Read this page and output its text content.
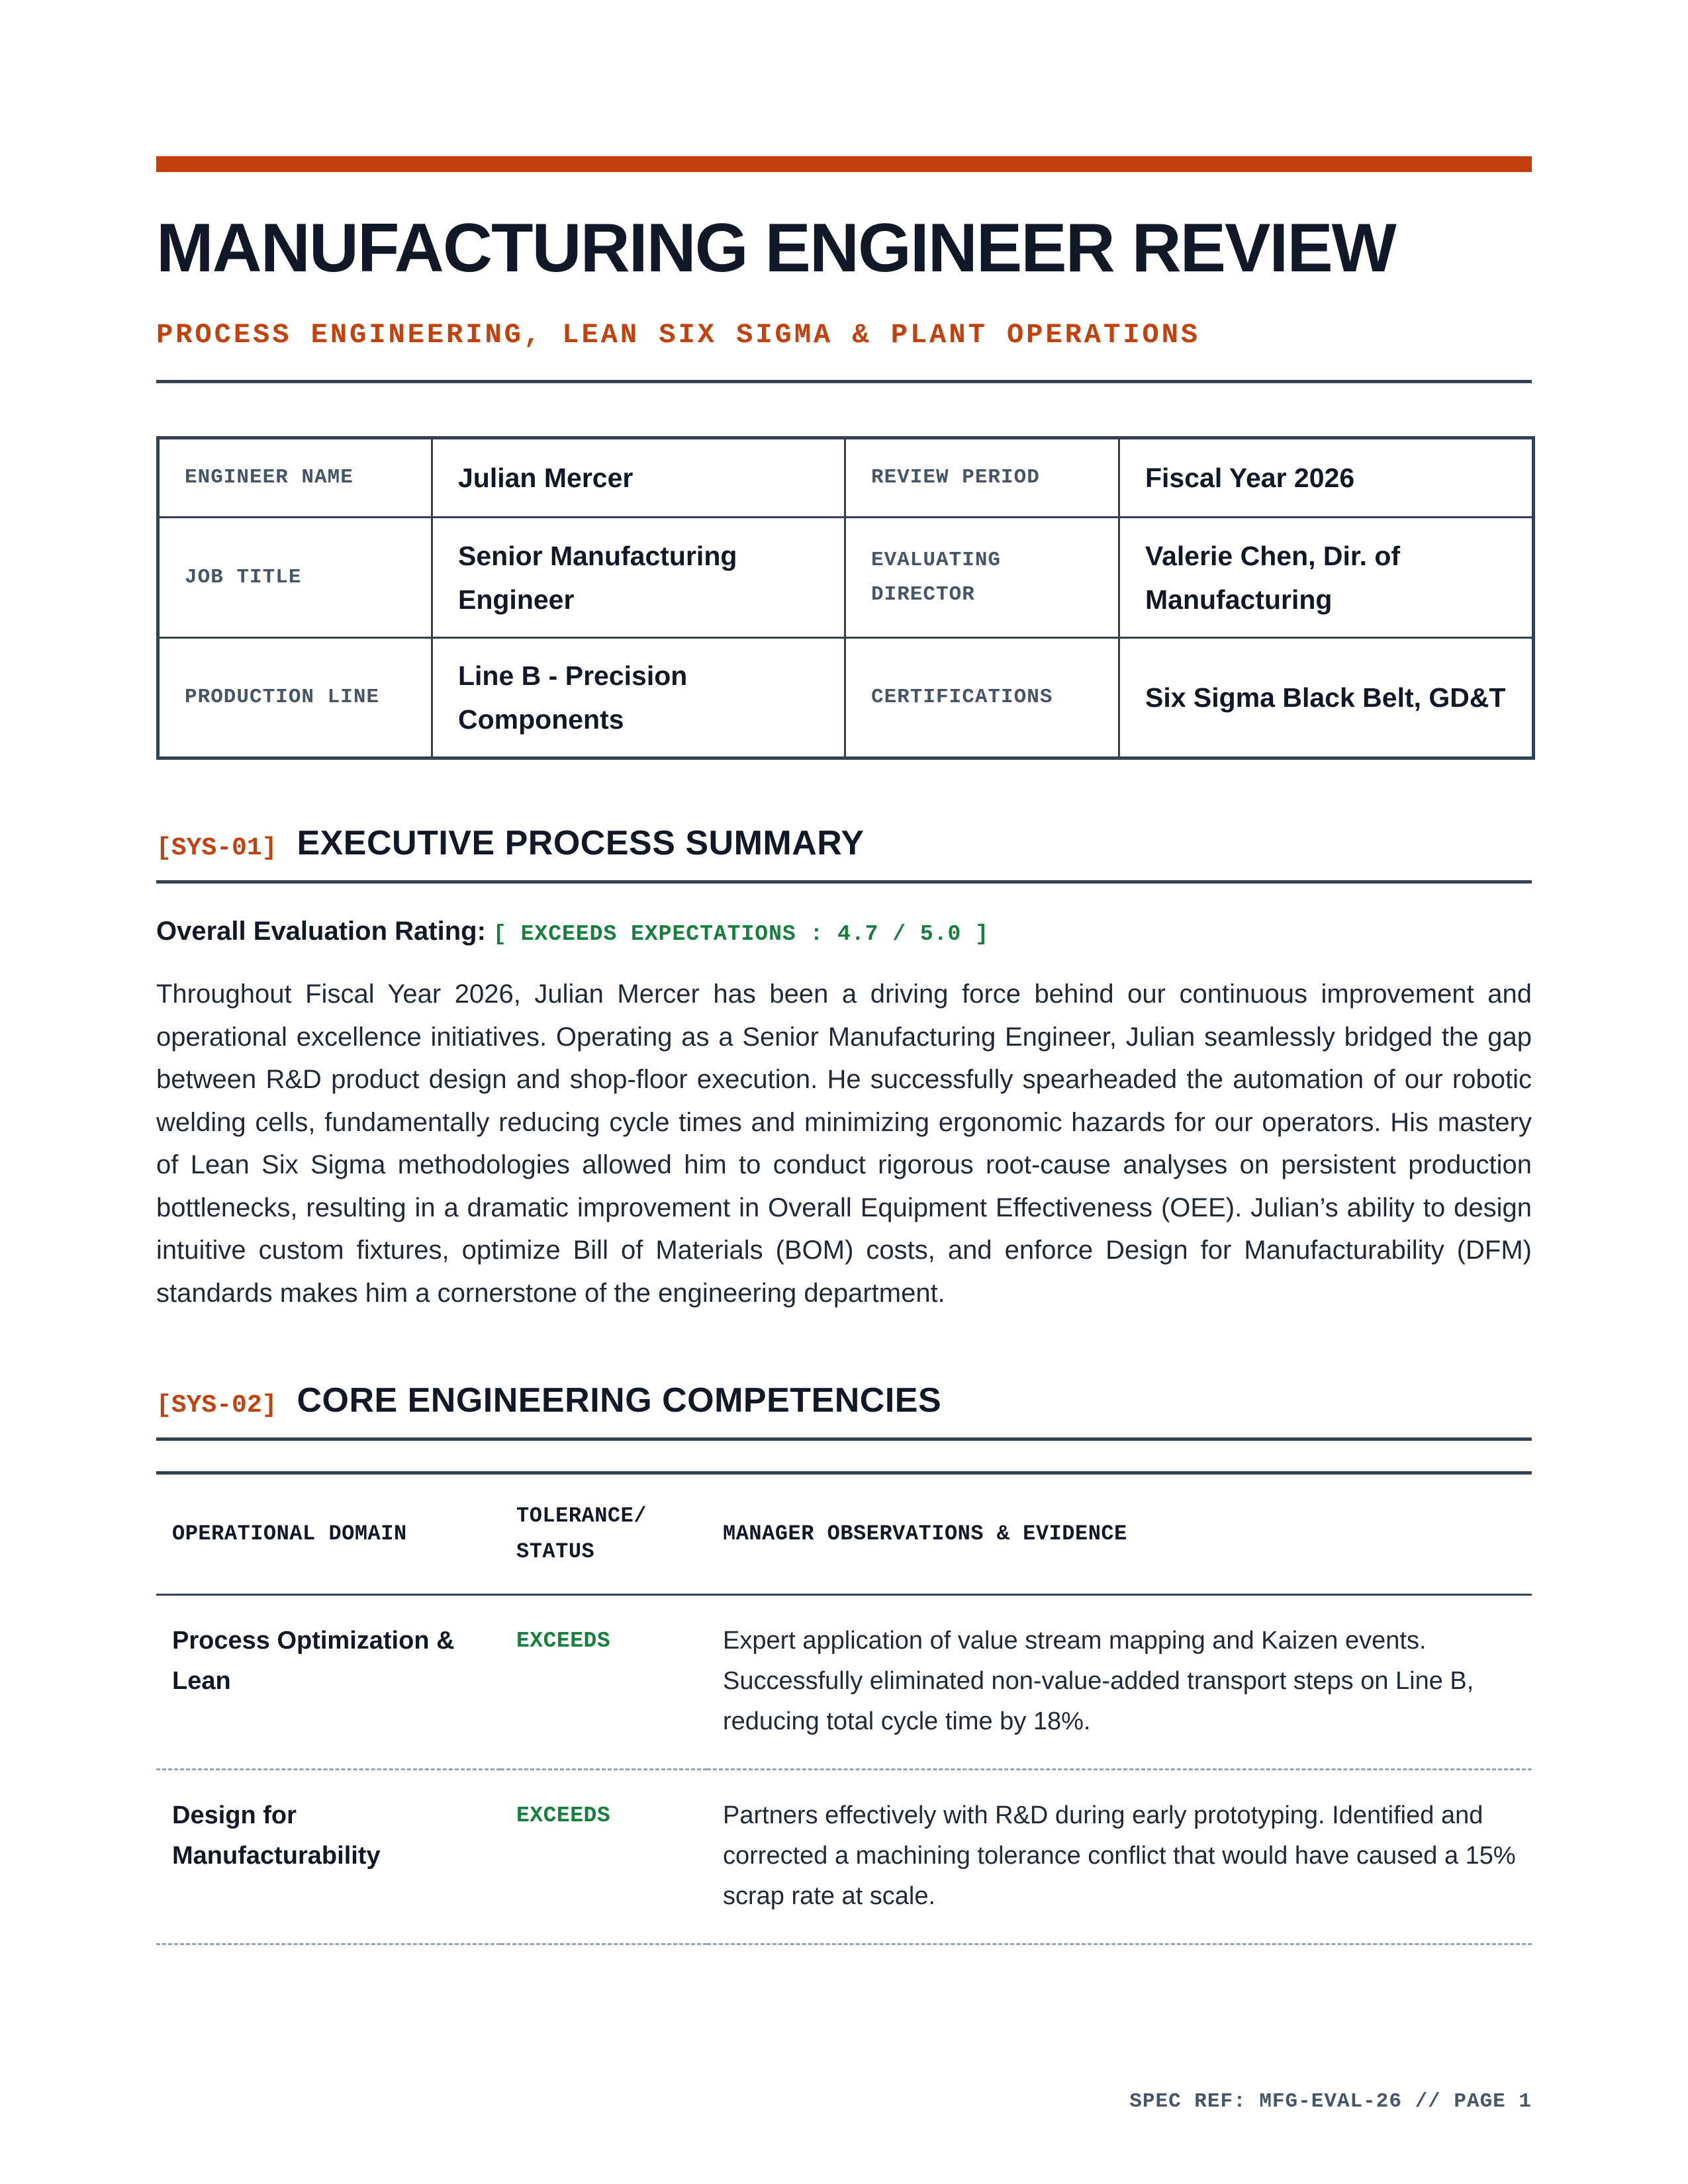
MANUFACTURING ENGINEER REVIEW
PROCESS ENGINEERING, LEAN SIX SIGMA & PLANT OPERATIONS
ENGINEER NAME	Julian Mercer	REVIEW PERIOD	Fiscal Year 2026
JOB TITLE	Senior Manufacturing Engineer	EVALUATING DIRECTOR	Valerie Chen, Dir. of Manufacturing
PRODUCTION LINE	Line B - Precision Components	CERTIFICATIONS	Six Sigma Black Belt, GD&T
[SYS-01] EXECUTIVE PROCESS SUMMARY
Overall Evaluation Rating: [ EXCEEDS EXPECTATIONS : 4.7 / 5.0 ]
Throughout Fiscal Year 2026, Julian Mercer has been a driving force behind our continuous improvement and operational excellence initiatives. Operating as a Senior Manufacturing Engineer, Julian seamlessly bridged the gap between R&D product design and shop-floor execution. He successfully spearheaded the automation of our robotic welding cells, fundamentally reducing cycle times and minimizing ergonomic hazards for our operators. His mastery of Lean Six Sigma methodologies allowed him to conduct rigorous root-cause analyses on persistent production bottlenecks, resulting in a dramatic improvement in Overall Equipment Effectiveness (OEE). Julian’s ability to design intuitive custom fixtures, optimize Bill of Materials (BOM) costs, and enforce Design for Manufacturability (DFM) standards makes him a cornerstone of the engineering department.
[SYS-02] CORE ENGINEERING COMPETENCIES
OPERATIONAL DOMAIN	TOLERANCE/ STATUS	MANAGER OBSERVATIONS & EVIDENCE
Process Optimization & Lean	EXCEEDS	Expert application of value stream mapping and Kaizen events. Successfully eliminated non-value-added transport steps on Line B, reducing total cycle time by 18%.
Design for Manufacturability	EXCEEDS	Partners effectively with R&D during early prototyping. Identified and corrected a machining tolerance conflict that would have caused a 15% scrap rate at scale.
SPEC REF: MFG-EVAL-26 // PAGE 1
